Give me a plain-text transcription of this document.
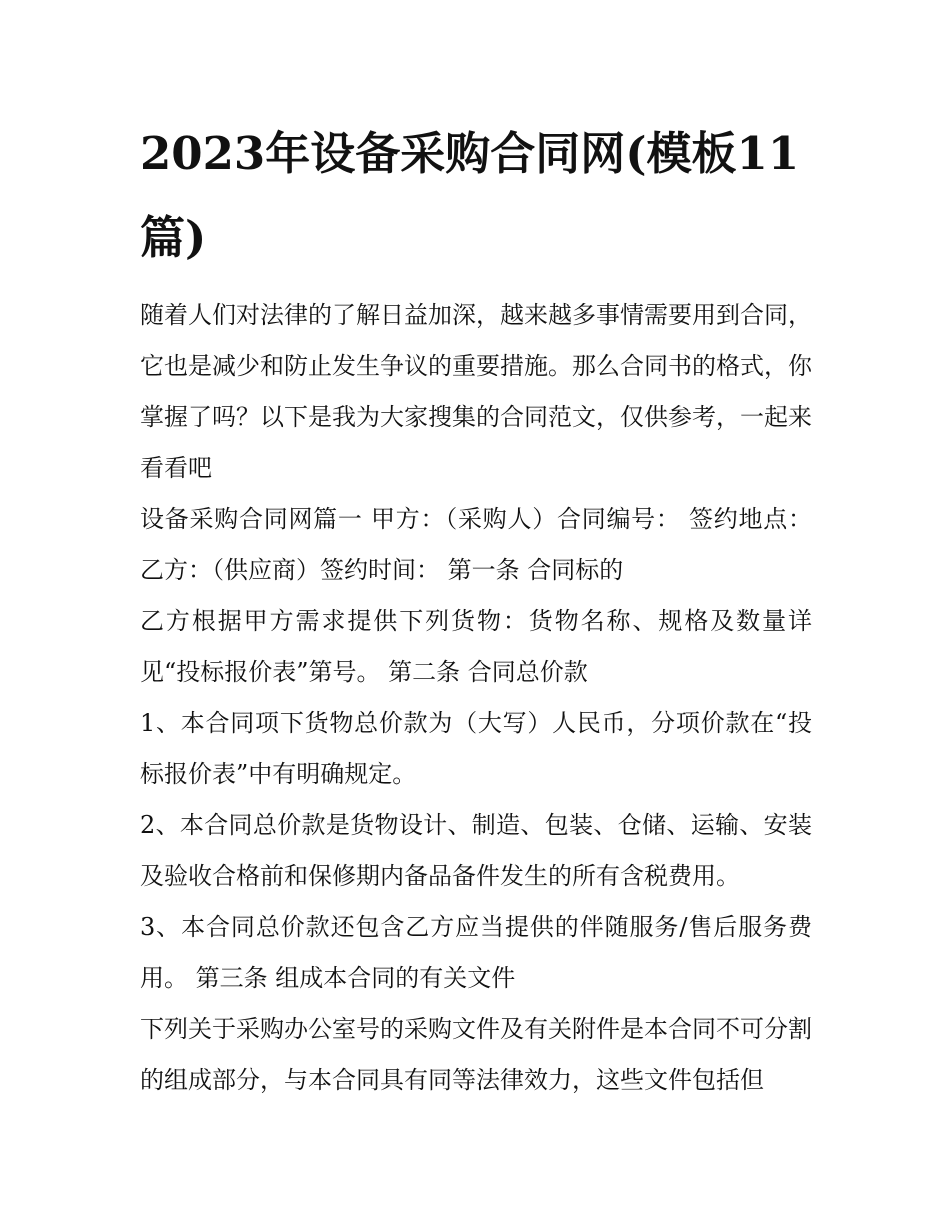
2023年设备采购合同网(模板11篇)

随着人们对法律的了解日益加深，越来越多事情需要用到合同，它也是减少和防止发生争议的重要措施。那么合同书的格式，你掌握了吗？以下是我为大家搜集的合同范文，仅供参考，一起来看看吧

设备采购合同网篇一 甲方：（采购人）合同编号： 签约地点： 乙方：（供应商）签约时间： 第一条 合同标的

乙方根据甲方需求提供下列货物：货物名称、规格及数量详见“投标报价表”第号。 第二条 合同总价款

1、本合同项下货物总价款为（大写）人民币，分项价款在“投标报价表”中有明确规定。

2、本合同总价款是货物设计、制造、包装、仓储、运输、安装及验收合格前和保修期内备品备件发生的所有含税费用。

3、本合同总价款还包含乙方应当提供的伴随服务/售后服务费用。 第三条 组成本合同的有关文件

下列关于采购办公室号的采购文件及有关附件是本合同不可分割的组成部分，与本合同具有同等法律效力，这些文件包括但
